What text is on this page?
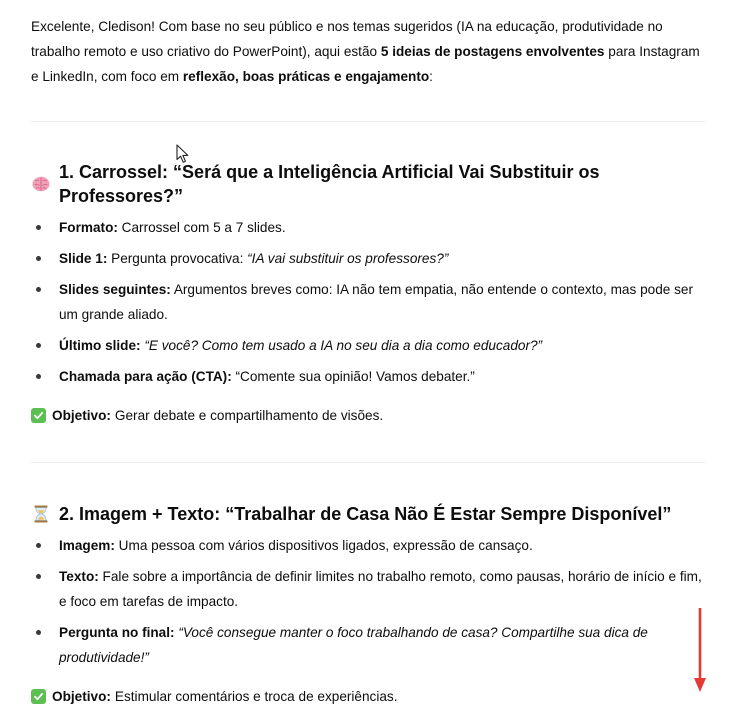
Excelente, Cledison! Com base no seu público e nos temas sugeridos (IA na educação, produtividade no trabalho remoto e uso criativo do PowerPoint), aqui estão 5 ideias de postagens envolventes para Instagram e LinkedIn, com foco em reflexão, boas práticas e engajamento:

1. Carrossel: “Será que a Inteligência Artificial Vai Substituir os Professores?”
Formato: Carrossel com 5 a 7 slides.
Slide 1: Pergunta provocativa: “IA vai substituir os professores?”
Slides seguintes: Argumentos breves como: IA não tem empatia, não entende o contexto, mas pode ser um grande aliado.
Último slide: “E você? Como tem usado a IA no seu dia a dia como educador?”
Chamada para ação (CTA): “Comente sua opinião! Vamos debater.”
Objetivo: Gerar debate e compartilhamento de visões.
2. Imagem + Texto: “Trabalhar de Casa Não É Estar Sempre Disponível”
Imagem: Uma pessoa com vários dispositivos ligados, expressão de cansaço.
Texto: Fale sobre a importância de definir limites no trabalho remoto, como pausas, horário de início e fim, e foco em tarefas de impacto.
Pergunta no final: “Você consegue manter o foco trabalhando de casa? Compartilhe sua dica de produtividade!”
Objetivo: Estimular comentários e troca de experiências.
